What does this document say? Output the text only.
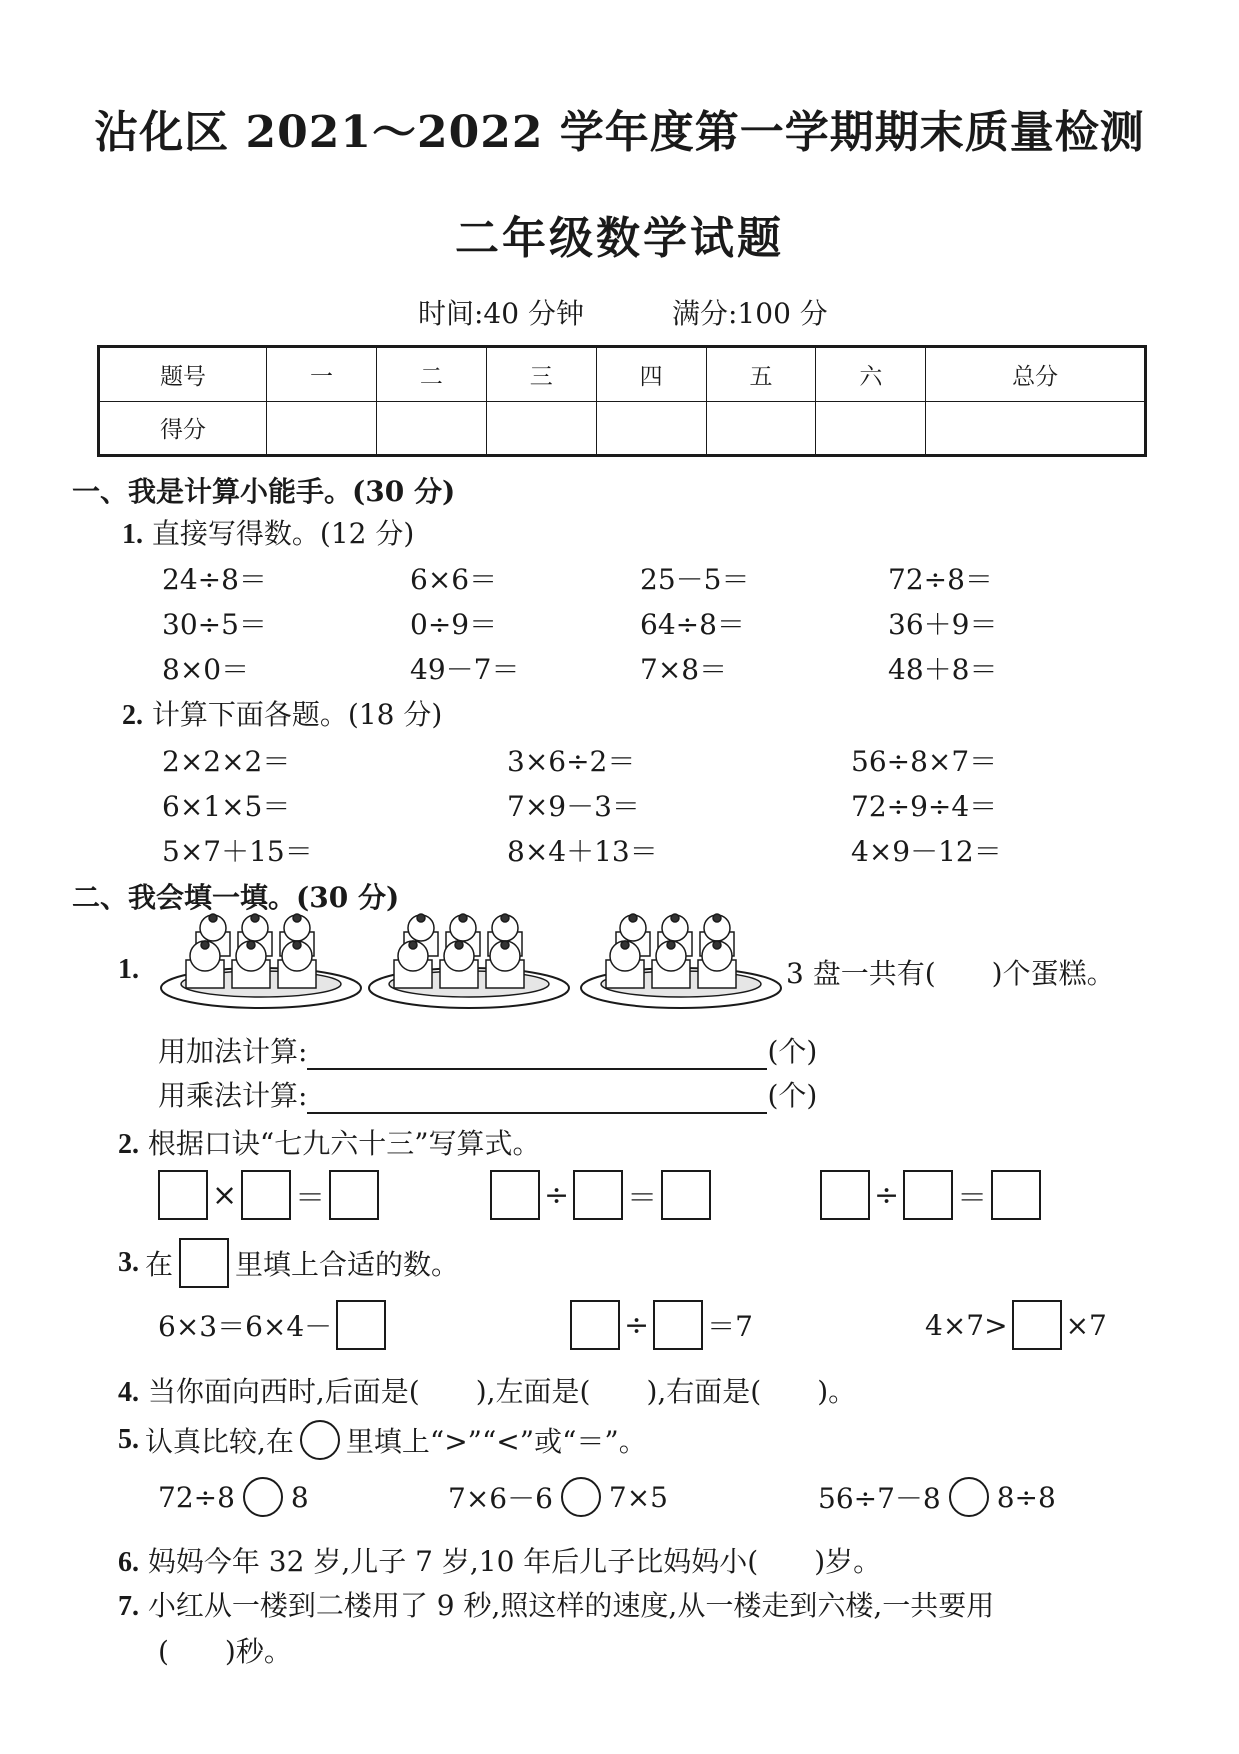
沾化区 2021～2022 学年度第一学期期末质量检测
二年级数学试题
时间:40 分钟	满分:100 分
题号	一	二	三	四	五	六	总分
得分							
一、我是计算小能手。(30 分)
1. 直接写得数。(12 分)
24÷8＝	6×6＝	25－5＝	72÷8＝
30÷5＝	0÷9＝	64÷8＝	36＋9＝
8×0＝	49－7＝	7×8＝	48＋8＝
2. 计算下面各题。(18 分)
2×2×2＝	3×6÷2＝	56÷8×7＝
6×1×5＝	7×9－3＝	72÷9÷4＝
5×7＋15＝	8×4＋13＝	4×9－12＝
二、我会填一填。(30 分)
1.	3 盘一共有(　　)个蛋糕。
用加法计算:	(个)
用乘法计算:	(个)
2. 根据口诀“七九六十三”写算式。
× ＝	÷ ＝	÷ ＝
3. 在 里填上合适的数。
6×3＝6×4－	÷ ＝7	4×7> ×7
4. 当你面向西时,后面是(　　),左面是(　　),右面是(　　)。
5. 认真比较,在 里填上“>”“<”或“＝”。
72÷8 8	7×6－6 7×5	56÷7－8 8÷8
6. 妈妈今年 32 岁,儿子 7 岁,10 年后儿子比妈妈小(　　)岁。
7. 小红从一楼到二楼用了 9 秒,照这样的速度,从一楼走到六楼,一共要用
(　　)秒。
